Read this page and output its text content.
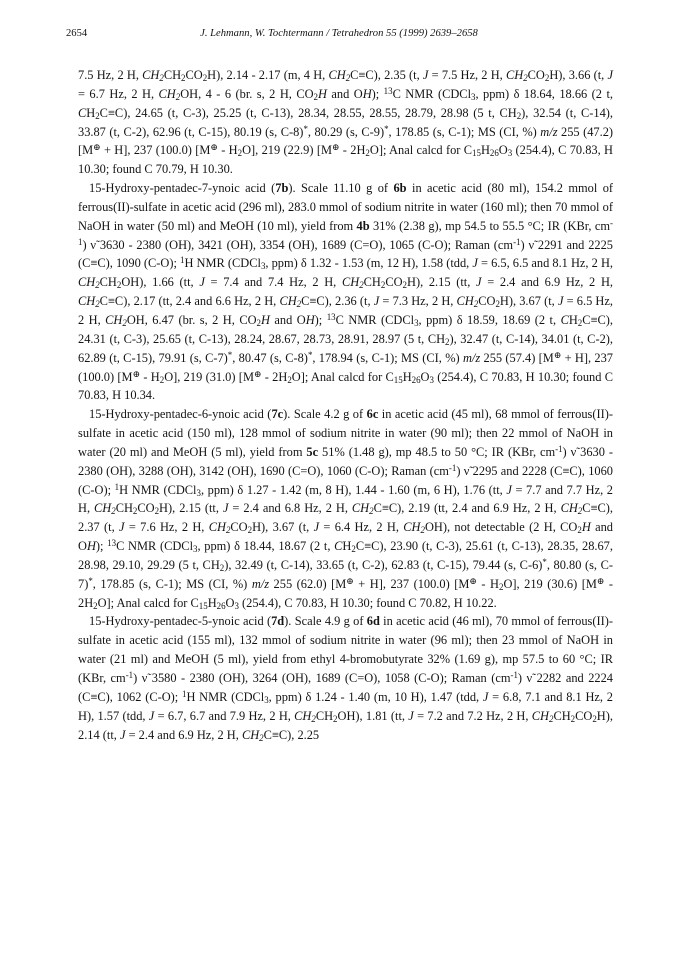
2654	J. Lehmann, W. Tochtermann / Tetrahedron 55 (1999) 2639–2658

7.5 Hz, 2 H, $CH_2CH_2CO_2H$), 2.14 - 2.17 (m, 4 H, $CH_2C\equiv C$), 2.35 (t, J = 7.5 Hz, 2 H, $CH_2CO_2H$), 3.66 (t, J = 6.7 Hz, 2 H, $CH_2OH$, 4 - 6 (br. s, 2 H, $CO_2H$ and OH); $^{13}$C NMR (CDCl$_3$, ppm) δ 18.64, 18.66 (2 t, $CH_2C\equiv C$), 24.65 (t, C-3), 25.25 (t, C-13), 28.34, 28.55, 28.55, 28.79, 28.98 (5 t, $CH_2$), 32.54 (t, C-14), 33.87 (t, C-2), 62.96 (t, C-15), 80.19 (s, C-8)*, 80.29 (s, C-9)*, 178.85 (s, C-1); MS (CI, %) m/z 255 (47.2) [M⊕ + H], 237 (100.0) $[M^\oplus - H_2O]$, 219 (22.9) $[M^\oplus - 2H_2O]$; Anal calcd for $C_{15}H_{26}O_3$ (254.4), C 70.83, H 10.30; found C 70.79, H 10.30.

15-Hydroxy-pentadec-7-ynoic acid (7b). Scale 11.10 g of 6b in acetic acid (80 ml), 154.2 mmol of ferrous(II)-sulfate in acetic acid (296 ml), 283.0 mmol of sodium nitrite in water (160 ml); then 70 mmol of NaOH in water (50 ml) and MeOH (10 ml), yield from 4b 31% (2.38 g), mp 54.5 to 55.5 °C; IR (KBr, $cm^{-1}$) ν̃ 3630 - 2380 (OH), 3421 (OH), 3354 (OH), 1689 (C=O), 1065 (C-O); Raman $(cm^{-1})$ ν̃ 2291 and 2225 (C≡C), 1090 (C-O); $^1$H NMR (CDCl$_3$, ppm) δ 1.32 - 1.53 (m, 12 H), 1.58 (tdd, J = 6.5, 6.5 and 8.1 Hz, 2 H, $CH_2CH_2OH$), 1.66 (tt, J = 7.4 and 7.4 Hz, 2 H, $CH_2CH_2CO_2H$), 2.15 (tt, J = 2.4 and 6.9 Hz, 2 H, $CH_2C\equiv C$), 2.17 (tt, 2.4 and 6.6 Hz, 2 H, $CH_2C\equiv C$), 2.36 (t, J = 7.3 Hz, 2 H, $CH_2CO_2H$), 3.67 (t, J = 6.5 Hz, 2 H, $CH_2OH$, 6.47 (br. s, 2 H, $CO_2H$ and OH); $^{13}$C NMR (CDCl$_3$, ppm) δ 18.59, 18.69 (2 t, $CH_2C\equiv C$), 24.31 (t, C-3), 25.65 (t, C-13), 28.24, 28.67, 28.73, 28.91, 28.97 (5 t, $CH_2$), 32.47 (t, C-14), 34.01 (t, C-2), 62.89 (t, C-15), 79.91 (s, C-7)*, 80.47 (s, C-8)*, 178.94 (s, C-1); MS (CI, %) m/z 255 (57.4) [M⊕ + H], 237 (100.0) $[M^\oplus - H_2O]$, 219 (31.0) $[M^\oplus - 2H_2O]$; Anal calcd for $C_{15}H_{26}O_3$ (254.4), C 70.83, H 10.30; found C 70.83, H 10.34.

15-Hydroxy-pentadec-6-ynoic acid (7c). Scale 4.2 g of 6c in acetic acid (45 ml), 68 mmol of ferrous(II)-sulfate in acetic acid (150 ml), 128 mmol of sodium nitrite in water (90 ml); then 22 mmol of NaOH in water (20 ml) and MeOH (5 ml), yield from 5c 51% (1.48 g), mp 48.5 to 50 °C; IR (KBr, $cm^{-1}$) ν̃ 3630 - 2380 (OH), 3288 (OH), 3142 (OH), 1690 (C=O), 1060 (C-O); Raman $(cm^{-1})$ ν̃ 2295 and 2228 (C≡C), 1060 (C-O); $^1$H NMR (CDCl$_3$, ppm) δ 1.27 - 1.42 (m, 8 H), 1.44 - 1.60 (m, 6 H), 1.76 (tt, J = 7.7 and 7.7 Hz, 2 H, $CH_2CH_2CO_2H$), 2.15 (tt, J = 2.4 and 6.8 Hz, 2 H, $CH_2C\equiv C$), 2.19 (tt, 2.4 and 6.9 Hz, 2 H, $CH_2C\equiv C$), 2.37 (t, J = 7.6 Hz, 2 H, $CH_2CO_2H$), 3.67 (t, J = 6.4 Hz, 2 H, $CH_2OH$), not detectable (2 H, $CO_2H$ and OH); $^{13}$C NMR (CDCl$_3$, ppm) δ 18.44, 18.67 (2 t, $CH_2C\equiv C$), 23.90 (t, C-3), 25.61 (t, C-13), 28.35, 28.67, 28.98, 29.10, 29.29 (5 t, $CH_2$), 32.49 (t, C-14), 33.65 (t, C-2), 62.83 (t, C-15), 79.44 (s, C-6)*, 80.80 (s, C-7)*, 178.85 (s, C-1); MS (CI, %) m/z 255 (62.0) [M⊕ + H], 237 (100.0) $[M^\oplus - H_2O]$, 219 (30.6) $[M^\oplus - 2H_2O]$; Anal calcd for $C_{15}H_{26}O_3$ (254.4), C 70.83, H 10.30; found C 70.82, H 10.22.

15-Hydroxy-pentadec-5-ynoic acid (7d). Scale 4.9 g of 6d in acetic acid (46 ml), 70 mmol of ferrous(II)-sulfate in acetic acid (155 ml), 132 mmol of sodium nitrite in water (96 ml); then 23 mmol of NaOH in water (21 ml) and MeOH (5 ml), yield from ethyl 4-bromobutyrate 32% (1.69 g), mp 57.5 to 60 °C; IR (KBr, $cm^{-1}$) ν̃ 3580 - 2380 (OH), 3264 (OH), 1689 (C=O), 1058 (C-O); Raman $(cm^{-1})$ ν̃ 2282 and 2224 (C≡C), 1062 (C-O); $^1$H NMR (CDCl$_3$, ppm) δ 1.24 - 1.40 (m, 10 H), 1.47 (tdd, J = 6.8, 7.1 and 8.1 Hz, 2 H), 1.57 (tdd, J = 6.7, 6.7 and 7.9 Hz, 2 H, $CH_2CH_2OH$), 1.81 (tt, J = 7.2 and 7.2 Hz, 2 H, $CH_2CH_2CO_2H$), 2.14 (tt, J = 2.4 and 6.9 Hz, 2 H, $CH_2C\equiv C$), 2.25
